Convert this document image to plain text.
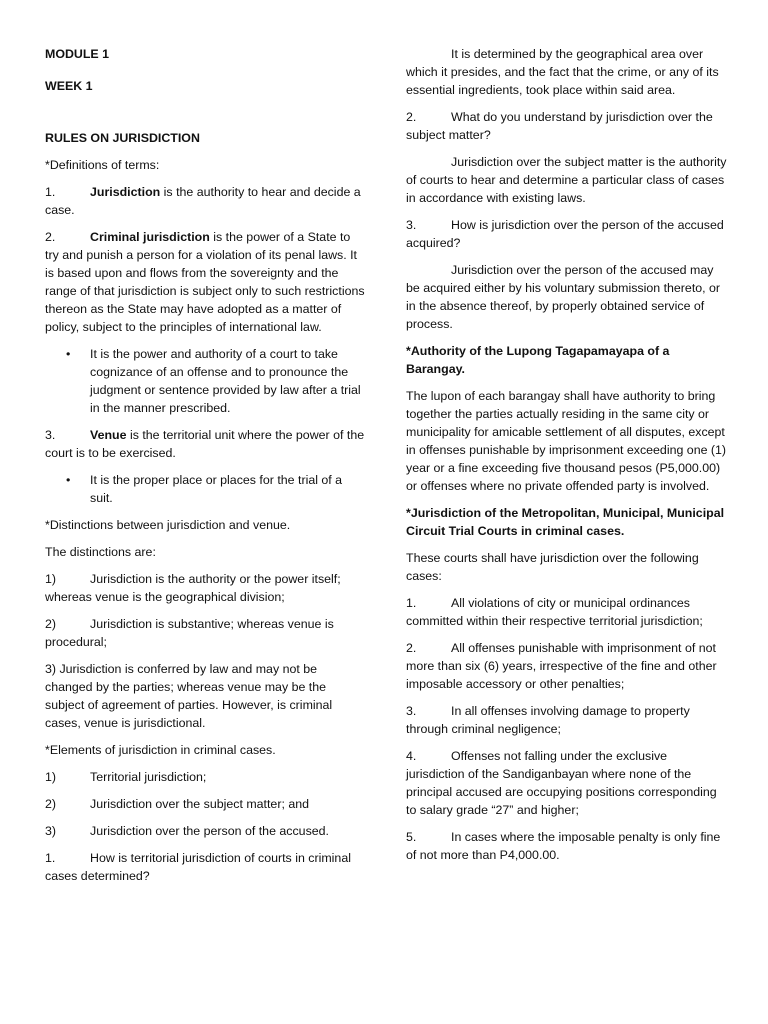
MODULE 1

WEEK 1

RULES ON JURISDICTION

*Definitions of terms:

1.	Jurisdiction is the authority to hear and decide a case.

2.	Criminal jurisdiction is the power of a State to try and punish a person for a violation of its penal laws. It is based upon and flows from the sovereignty and the range of that jurisdiction is subject only to such restrictions thereon as the State may have adopted as a matter of policy, subject to the principles of international law.

• It is the power and authority of a court to take cognizance of an offense and to pronounce the judgment or sentence provided by law after a trial in the manner prescribed.

3.	Venue is the territorial unit where the power of the court is to be exercised.

• It is the proper place or places for the trial of a suit.

*Distinctions between jurisdiction and venue.

The distinctions are:

1)	Jurisdiction is the authority or the power itself; whereas venue is the geographical division;

2)	Jurisdiction is substantive; whereas venue is procedural;

3) Jurisdiction is conferred by law and may not be changed by the parties; whereas venue may be the subject of agreement of parties. However, is criminal cases, venue is jurisdictional.

*Elements of jurisdiction in criminal cases.

1)	Territorial jurisdiction;

2)	Jurisdiction over the subject matter; and

3)	Jurisdiction over the person of the accused.

1.	How is territorial jurisdiction of courts in criminal cases determined?

It is determined by the geographical area over which it presides, and the fact that the crime, or any of its essential ingredients, took place within said area.

2.	What do you understand by jurisdiction over the subject matter?

Jurisdiction over the subject matter is the authority of courts to hear and determine a particular class of cases in accordance with existing laws.

3.	How is jurisdiction over the person of the accused acquired?

Jurisdiction over the person of the accused may be acquired either by his voluntary submission thereto, or in the absence thereof, by properly obtained service of process.

*Authority of the Lupong Tagapamayapa of a Barangay.

The lupon of each barangay shall have authority to bring together the parties actually residing in the same city or municipality for amicable settlement of all disputes, except in offenses punishable by imprisonment exceeding one (1) year or a fine exceeding five thousand pesos (P5,000.00) or offenses where no private offended party is involved.

*Jurisdiction of the Metropolitan, Municipal, Municipal Circuit Trial Courts in criminal cases.

These courts shall have jurisdiction over the following cases:

1.	All violations of city or municipal ordinances committed within their respective territorial jurisdiction;

2.	All offenses punishable with imprisonment of not more than six (6) years, irrespective of the fine and other imposable accessory or other penalties;

3.	In all offenses involving damage to property through criminal negligence;

4.	Offenses not falling under the exclusive jurisdiction of the Sandiganbayan where none of the principal accused are occupying positions corresponding to salary grade “27” and higher;

5.	In cases where the imposable penalty is only fine of not more than P4,000.00.
